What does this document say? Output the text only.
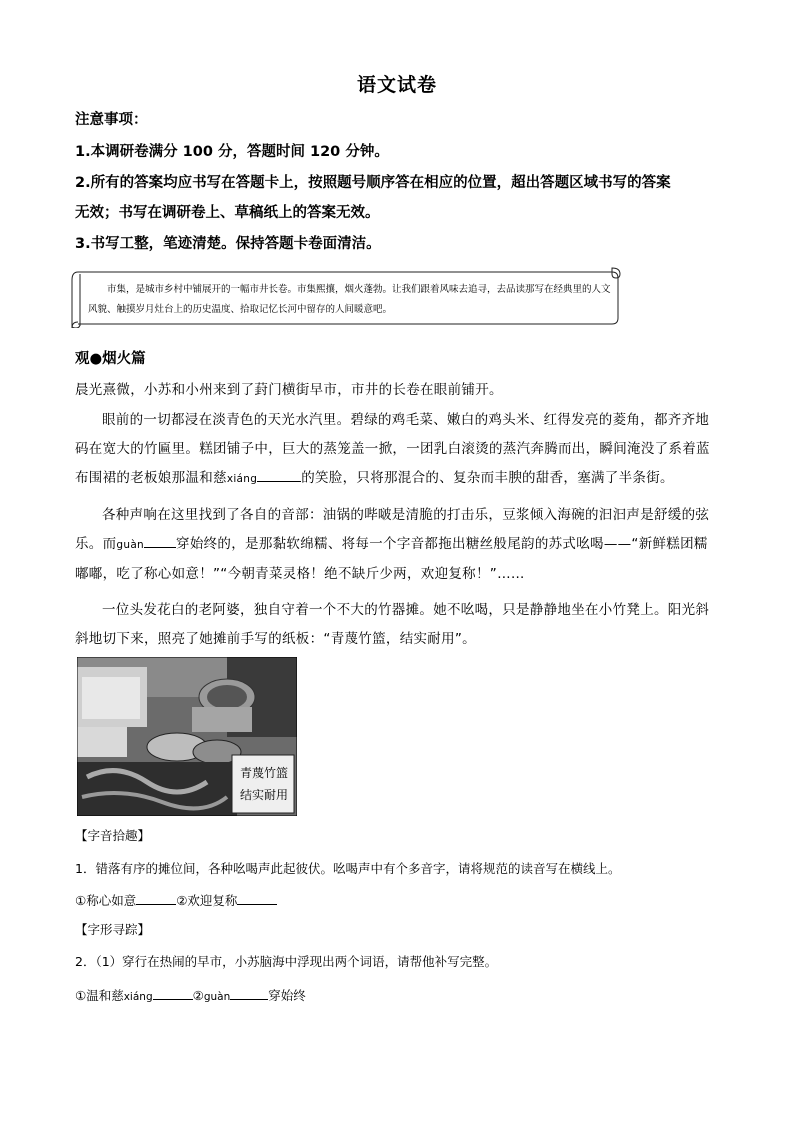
语文试卷
注意事项：
1.本调研卷满分 100 分，答题时间 120 分钟。
2.所有的答案均应书写在答题卡上，按照题号顺序答在相应的位置，超出答题区域书写的答案
无效；书写在调研卷上、草稿纸上的答案无效。
3.书写工整，笔迹清楚。保持答题卡卷面清洁。
市集，是城市乡村中铺展开的一幅市井长卷。市集熙攘，烟火蓬勃。让我们跟着风味去追寻，去品读那写在经典里的人文风貌、触摸岁月灶台上的历史温度、拾取记忆长河中留存的人间暖意吧。
观●烟火篇
晨光熹微，小苏和小州来到了葑门横街早市，市井的长卷在眼前铺开。
眼前的一切都浸在淡青色的天光水汽里。碧绿的鸡毛菜、嫩白的鸡头米、红得发亮的菱角，都齐齐地码在宽大的竹匾里。糕团铺子中，巨大的蒸笼盖一掀，一团乳白滚烫的蒸汽奔腾而出，瞬间淹没了系着蓝布围裙的老板娘那温和慈xiáng	的笑脸，只将那混合的、复杂而丰腴的甜香，塞满了半条街。
各种声响在这里找到了各自的音部：油锅的哔啵是清脆的打击乐，豆浆倾入海碗的汩汩声是舒缓的弦乐。而guàn 穿始终的，是那黏软绵糯、将每一个字音都拖出糖丝般尾韵的苏式吆喝——“新鲜糕团糯嘟嘟，吃了称心如意！”“今朝青菜灵格！绝不缺斤少两，欢迎复称！”……
一位头发花白的老阿婆，独自守着一个不大的竹器摊。她不吆喝，只是静静地坐在小竹凳上。阳光斜斜地切下来，照亮了她摊前手写的纸板：“青蔑竹篮，结实耐用”。
青蔑竹篮
结实耐用
【字音拾趣】
1．错落有序的摊位间，各种吆喝声此起彼伏。吆喝声中有个多音字，请将规范的读音写在横线上。
①称心如意	②欢迎复称
【字形寻踪】
2．（1）穿行在热闹的早市，小苏脑海中浮现出两个词语，请帮他补写完整。
①温和慈xiáng	②guàn	穿始终
